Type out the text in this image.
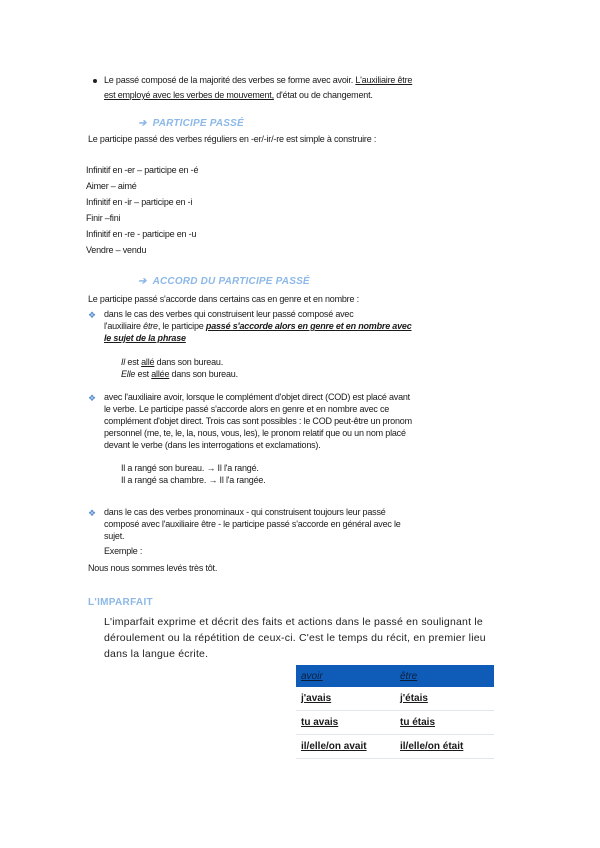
Le passé composé de la majorité des verbes se forme avec avoir. L'auxiliaire être
est employé avec les verbes de mouvement, d'état ou de changement.
➔ PARTICIPE PASSÉ
Le participe passé des verbes réguliers en -er/-ir/-re est simple à construire :
Infinitif en -er – participe en -é
Aimer – aimé
Infinitif en -ir – participe en -i
Finir –fini
Infinitif en -re - participe en -u
Vendre – vendu
➔ ACCORD DU PARTICIPE PASSÉ
Le participe passé s'accorde dans certains cas en genre et en nombre :
❖ dans le cas des verbes qui construisent leur passé composé avec
l'auxiliaire être, le participe passé s'accorde alors en genre et en nombre avec
le sujet de la phrase
Il est allé dans son bureau.
Elle est allée dans son bureau.
❖ avec l'auxiliaire avoir, lorsque le complément d'objet direct (COD) est placé avant
le verbe. Le participe passé s'accorde alors en genre et en nombre avec ce
complément d'objet direct. Trois cas sont possibles : le COD peut-être un pronom
personnel (me, te, le, la, nous, vous, les), le pronom relatif que ou un nom placé
devant le verbe (dans les interrogations et exclamations).
Il a rangé son bureau. → Il l'a rangé.
Il a rangé sa chambre. → Il l'a rangée.
❖ dans le cas des verbes pronominaux - qui construisent toujours leur passé
composé avec l'auxiliaire être - le participe passé s'accorde en général avec le
sujet.
Exemple :
Nous nous sommes levés très tôt.
L'IMPARFAIT
L'imparfait exprime et décrit des faits et actions dans le passé en soulignant le
déroulement ou la répétition de ceux-ci. C'est le temps du récit, en premier lieu
dans la langue écrite.
avoir	être
j'avais	j'étais
tu avais	tu étais
il/elle/on avait	il/elle/on était
